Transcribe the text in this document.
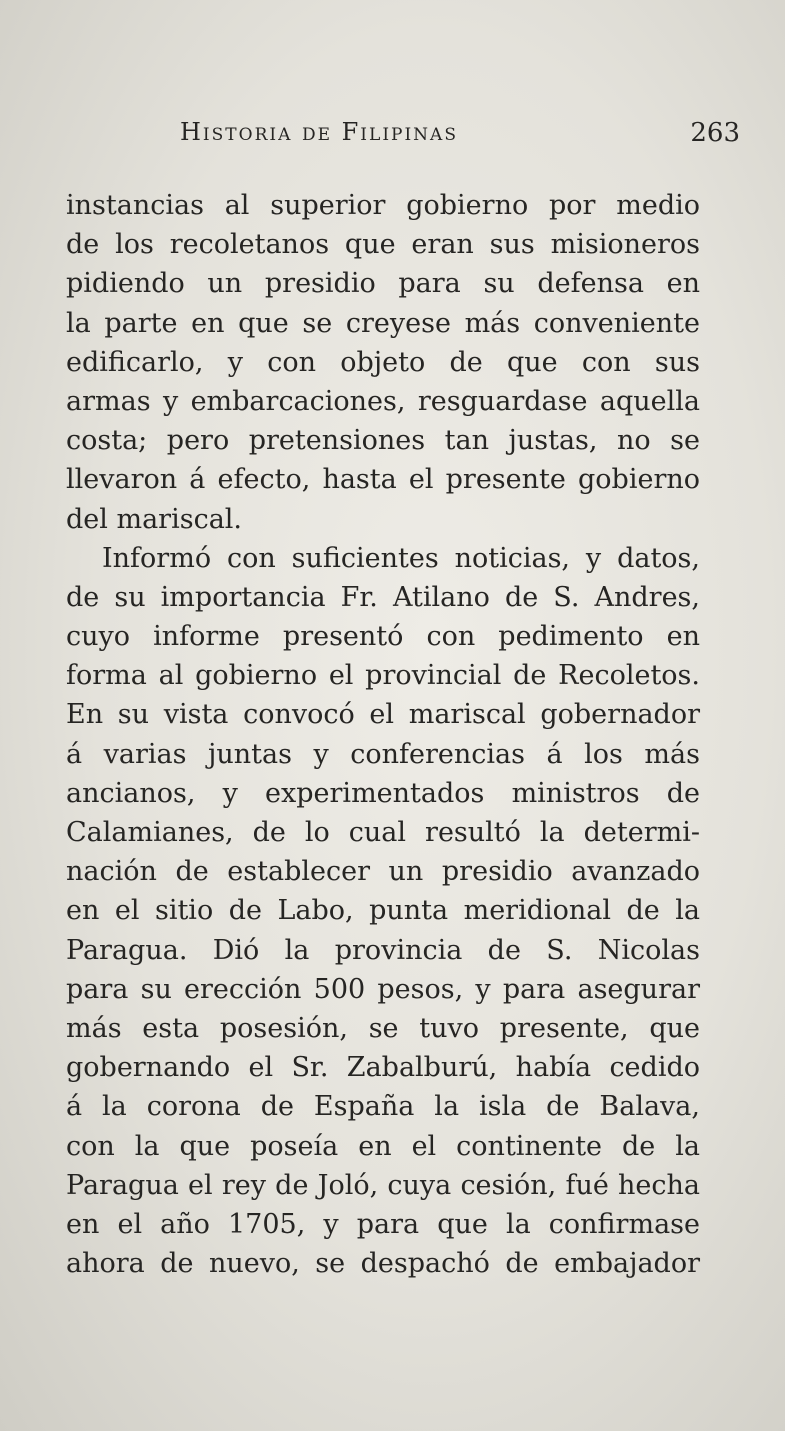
Historia de Filipinas	263
instancias al superior gobierno por medio
de los recoletanos que eran sus misioneros
pidiendo un presidio para su defensa en
la parte en que se creyese más conveniente
edificarlo, y con objeto de que con sus
armas y embarcaciones, resguardase aquella
costa; pero pretensiones tan justas, no se
llevaron á efecto, hasta el presente gobierno
del mariscal.
Informó con suficientes noticias, y datos,
de su importancia Fr. Atilano de S. Andres,
cuyo informe presentó con pedimento en
forma al gobierno el provincial de Recoletos.
En su vista convocó el mariscal gobernador
á varias juntas y conferencias á los más
ancianos, y experimentados ministros de
Calamianes, de lo cual resultó la determi-
nación de establecer un presidio avanzado
en el sitio de Labo, punta meridional de la
Paragua. Dió la provincia de S. Nicolas
para su erección 500 pesos, y para asegurar
más esta posesión, se tuvo presente, que
gobernando el Sr. Zabalburú, había cedido
á la corona de España la isla de Balava,
con la que poseía en el continente de la
Paragua el rey de Joló, cuya cesión, fué hecha
en el año 1705, y para que la confirmase
ahora de nuevo, se despachó de embajador
